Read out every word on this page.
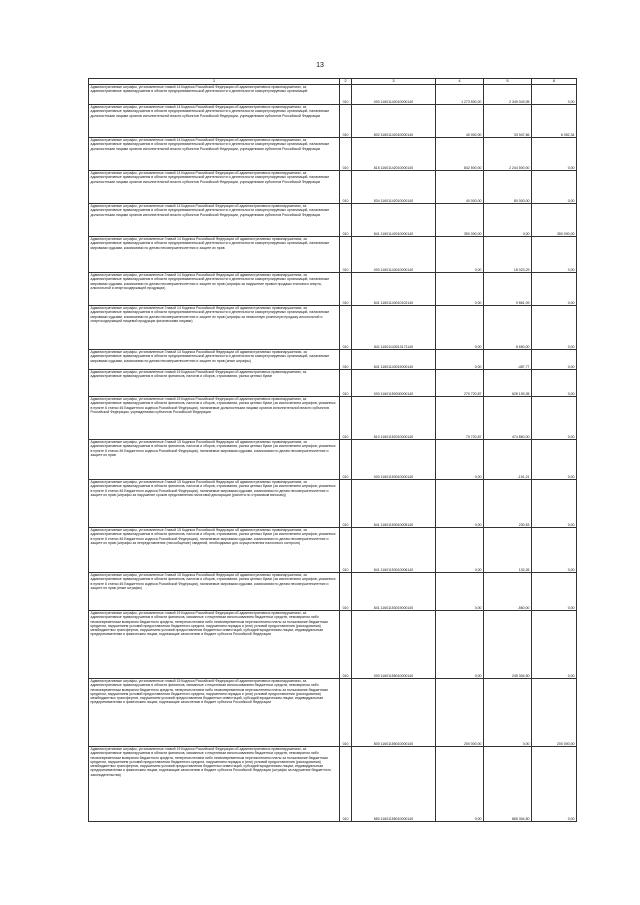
13
1	2	3	4	5	6
Административные штрафы, установленные главой 14 Кодекса Российской Федерации об административных правонарушениях, за административные правонарушения в области предпринимательской деятельности и деятельности саморегулируемых организаций	010	000 11601140010000140	1 273 500,00	2 349 043,95	0,00
Административные штрафы, установленные главой 14 Кодекса Российской Федерации об административных правонарушениях, за административные правонарушения в области предпринимательской деятельности и деятельности саморегулируемых организаций, налагаемые должностными лицами органов исполнительной власти субъектов Российской Федерации, учреждениями субъектов Российской Федерации	010	802 11601142010000140	40 000,00	33 947,66	6 052,34
Административные штрафы, установленные главой 14 Кодекса Российской Федерации об административных правонарушениях, за административные правонарушения в области предпринимательской деятельности и деятельности саморегулируемых организаций, налагаемые должностными лицами органов исполнительной власти субъектов Российской Федерации, учреждениями субъектов Российской Федерации	010	815 11601142010000140	842 500,00	2 244 500,00	0,00
Административные штрафы, установленные главой 14 Кодекса Российской Федерации об административных правонарушениях, за административные правонарушения в области предпринимательской деятельности и деятельности саморегулируемых организаций, налагаемые должностными лицами органов исполнительной власти субъектов Российской Федерации, учреждениями субъектов Российской Федерации	010	834 11601142010000140	40 000,00	80 000,00	0,00
Административные штрафы, установленные главой 14 Кодекса Российской Федерации об административных правонарушениях, за административные правонарушения в области предпринимательской деятельности и деятельности саморегулируемых организаций, налагаемые должностными лицами органов исполнительной власти субъектов Российской Федерации, учреждениями субъектов Российской Федерации	010	841 11601142010000140	350 000,00	0,00	350 000,00
Административные штрафы, установленные Главой 14 Кодекса Российской Федерации об административных правонарушениях, за административные правонарушения в области предпринимательской деятельности и деятельности саморегулируемых организаций, налагаемые мировыми судьями, комиссиями по делам несовершеннолетних и защите их прав	010	000 11601143010000140	0,00	18 023,29	0,00
Административные штрафы, установленные Главой 14 Кодекса Российской Федерации об административных правонарушениях, за административные правонарушения в области предпринимательской деятельности и деятельности саморегулируемых организаций, налагаемые мировыми судьями, комиссиями по делам несовершеннолетних и защите их прав (штрафы за нарушение правил продажи этилового спирта, алкогольной и спиртосодержащей продукции)	010	841 11601143010102140	0,00	9 861,09	0,00
Административные штрафы, установленные Главой 14 Кодекса Российской Федерации об административных правонарушениях, за административные правонарушения в области предпринимательской деятельности и деятельности саморегулируемых организаций, налагаемые мировыми судьями, комиссиями по делам несовершеннолетних и защите их прав (штрафы за незаконную розничную продажу алкогольной и спиртосодержащей пищевой продукции физическими лицами)	010	841 11601143010171140	0,00	8 650,00	0,00
Административные штрафы, установленные Главой 14 Кодекса Российской Федерации об административных правонарушениях, за административные правонарушения в области предпринимательской деятельности и деятельности саморегулируемых организаций, налагаемые мировыми судьями, комиссиями по делам несовершеннолетних и защите их прав (иные штрафы)	010	841 11601143019000140	0,00	-487,77	0,00
Административные штрафы, установленные главой 15 Кодекса Российской Федерации об административных правонарушениях, за административные правонарушения в области финансов, налогов и сборов, страхования, рынка ценных бумаг	010	000 11601150000000140	270 720,87	628 193,35	0,00
Административные штрафы, установленные главой 15 Кодекса Российской Федерации об административных правонарушениях, за административные правонарушения в области финансов, налогов и сборов, страхования, рынка ценных бумаг (за исключением штрафов, указанных в пункте 6 статьи 46 Бюджетного кодекса Российской Федерации), налагаемые должностными лицами органов исполнительной власти субъектов Российской Федерации, учреждениями субъектов Российской Федерации	010	810 11601152010000140	70 720,87	474 860,00	0,00
Административные штрафы, установленные Главой 15 Кодекса Российской Федерации об административных правонарушениях, за административные правонарушения в области финансов, налогов и сборов, страхования, рынка ценных бумаг (за исключением штрафов, указанных в пункте 6 статьи 46 Бюджетного кодекса Российской Федерации), налагаемые мировыми судьями, комиссиями по делам несовершеннолетних и защите их прав	010	000 11601153010000140	0,00	-191,21	0,00
Административные штрафы, установленные Главой 15 Кодекса Российской Федерации об административных правонарушениях, за административные правонарушения в области финансов, налогов и сборов, страхования, рынка ценных бумаг (за исключением штрафов, указанных в пункте 6 статьи 46 Бюджетного кодекса Российской Федерации), налагаемые мировыми судьями, комиссиями по делам несовершеннолетних и защите их прав (штрафы за нарушение сроков представления налоговой декларации (расчета по страховым взносам))	010	841 11601153010005140	0,00	230,53	0,00
Административные штрафы, установленные Главой 15 Кодекса Российской Федерации об административных правонарушениях, за административные правонарушения в области финансов, налогов и сборов, страхования, рынка ценных бумаг (за исключением штрафов, указанных в пункте 6 статьи 46 Бюджетного кодекса Российской Федерации), налагаемые мировыми судьями, комиссиями по делам несовершеннолетних и защите их прав (штрафы за непредставление (несообщение) сведений, необходимых для осуществления налогового контроля)	010	841 11601153010006140	0,00	132,26	0,00
Административные штрафы, установленные Главой 15 Кодекса Российской Федерации об административных правонарушениях, за административные правонарушения в области финансов, налогов и сборов, страхования, рынка ценных бумаг (за исключением штрафов, указанных в пункте 6 статьи 46 Бюджетного кодекса Российской Федерации), налагаемые мировыми судьями, комиссиями по делам несовершеннолетних и защите их прав (иные штрафы)	010	841 11601153019000140	0,00	-560,00	0,00
Административные штрафы, установленные главой 15 Кодекса Российской Федерации об административных правонарушениях, за административные правонарушения в области финансов, связанные с нецелевым использованием бюджетных средств, невозвратом либо несвоевременным возвратом бюджетного кредита, неперечислением либо несвоевременным перечислением платы за пользование бюджетным кредитом, нарушением условий предоставления бюджетного кредита, нарушением порядка и (или) условий предоставления (расходования) межбюджетных трансфертов, нарушением условий предоставления бюджетных инвестиций, субсидий юридическим лицам, индивидуальным предпринимателям и физическим лицам, подлежащие зачислению в бюджет субъекта Российской Федерации	010	000 11601155010000140	0,00	245 304,50	0,00
Административные штрафы, установленные главой 15 Кодекса Российской Федерации об административных правонарушениях, за административные правонарушения в области финансов, связанные с нецелевым использованием бюджетных средств, невозвратом либо несвоевременным возвратом бюджетного кредита, неперечислением либо несвоевременным перечислением платы за пользование бюджетным кредитом, нарушением условий предоставления бюджетного кредита, нарушением порядка и (или) условий предоставления (расходования) межбюджетных трансфертов, нарушением условий предоставления бюджетных инвестиций, субсидий юридическим лицам, индивидуальным предпринимателям и физическим лицам, подлежащие зачислению в бюджет субъекта Российской Федерации	010	800 11601155010000140	200 000,00	0,00	200 000,00
Административные штрафы, установленные главой 15 Кодекса Российской Федерации об административных правонарушениях, за административные правонарушения в области финансов, связанные с нецелевым использованием бюджетных средств, невозвратом либо несвоевременным возвратом бюджетного кредита, неперечислением либо несвоевременным перечислением платы за пользование бюджетным кредитом, нарушением условий предоставления бюджетного кредита, нарушением порядка и (или) условий предоставления (расходования) межбюджетных трансфертов, нарушением условий предоставления бюджетных инвестиций, субсидий юридическим лицам, индивидуальным предпринимателям и физическим лицам, подлежащие зачислению в бюджет субъекта Российской Федерации (штрафы за нарушение бюджетного законодательства)	010	850 11601155010000140	0,00	865 304,50	0,00
